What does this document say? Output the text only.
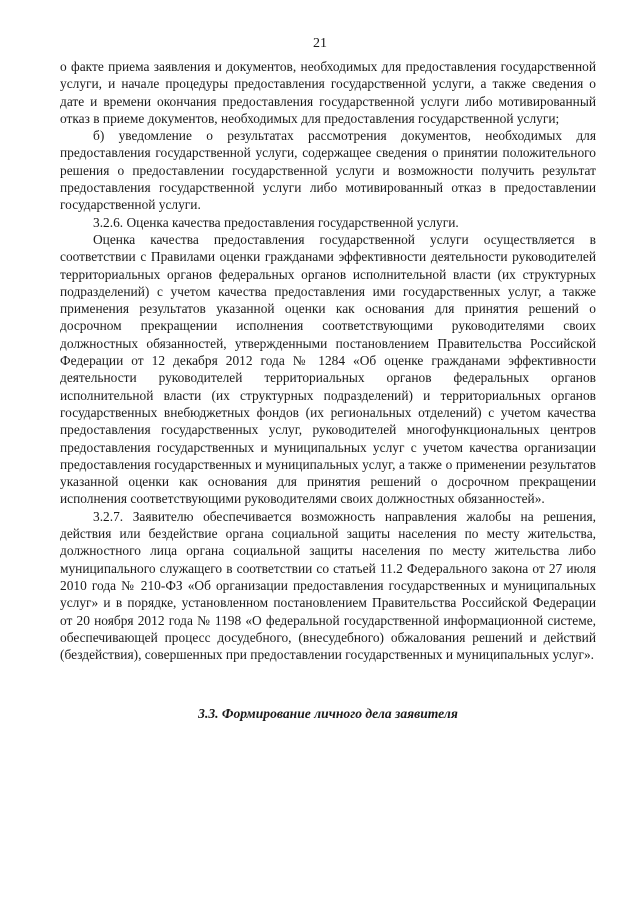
21

о факте приема заявления и документов, необходимых для предоставления государственной услуги, и начале процедуры предоставления государственной услуги, а также сведения о дате и времени окончания предоставления государственной услуги либо мотивированный отказ в приеме документов, необходимых для предоставления государственной услуги;

б) уведомление о результатах рассмотрения документов, необходимых для предоставления государственной услуги, содержащее сведения о принятии положительного решения о предоставлении государственной услуги и возможности получить результат предоставления государственной услуги либо мотивированный отказ в предоставлении государственной услуги.

3.2.6. Оценка качества предоставления государственной услуги.

Оценка качества предоставления государственной услуги осуществляется в соответствии с Правилами оценки гражданами эффективности деятельности руководителей территориальных органов федеральных органов исполнительной власти (их структурных подразделений) с учетом качества предоставления ими государственных услуг, а также применения результатов указанной оценки как основания для принятия решений о досрочном прекращении исполнения соответствующими руководителями своих должностных обязанностей, утвержденными постановлением Правительства Российской Федерации от 12 декабря 2012 года № 1284 «Об оценке гражданами эффективности деятельности руководителей территориальных органов федеральных органов исполнительной власти (их структурных подразделений) и территориальных органов государственных внебюджетных фондов (их региональных отделений) с учетом качества предоставления государственных услуг, руководителей многофункциональных центров предоставления государственных и муниципальных услуг с учетом качества организации предоставления государственных и муниципальных услуг, а также о применении результатов указанной оценки как основания для принятия решений о досрочном прекращении исполнения соответствующими руководителями своих должностных обязанностей».

3.2.7. Заявителю обеспечивается возможность направления жалобы на решения, действия или бездействие органа социальной защиты населения по месту жительства, должностного лица органа социальной защиты населения по месту жительства либо муниципального служащего в соответствии со статьей 11.2 Федерального закона от 27 июля 2010 года № 210-ФЗ «Об организации предоставления государственных и муниципальных услуг» и в порядке, установленном постановлением Правительства Российской Федерации от 20 ноября 2012 года № 1198 «О федеральной государственной информационной системе, обеспечивающей процесс досудебного, (внесудебного) обжалования решений и действий (бездействия), совершенных при предоставлении государственных и муниципальных услуг».

3.3. Формирование личного дела заявителя
